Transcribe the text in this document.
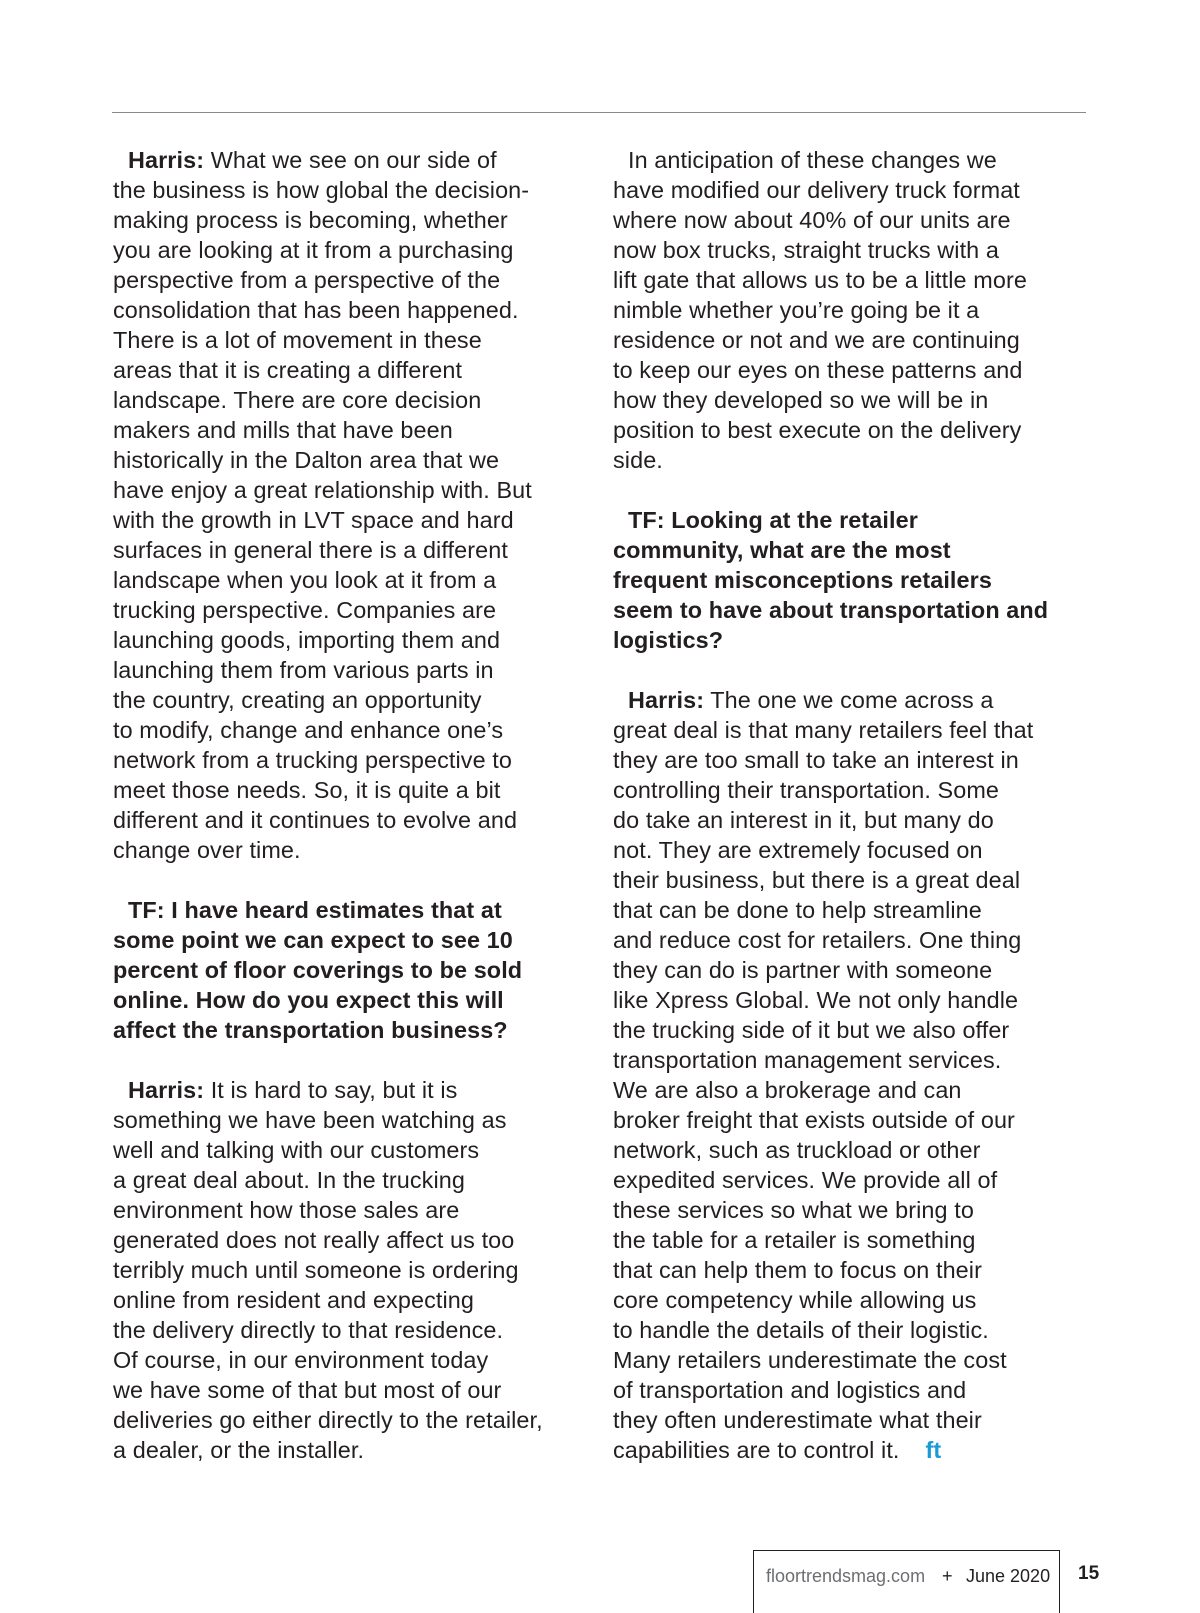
Harris: What we see on our side of
the business is how global the decision-
making process is becoming, whether
you are looking at it from a purchasing
perspective from a perspective of the
consolidation that has been happened.
There is a lot of movement in these
areas that it is creating a different
landscape. There are core decision
makers and mills that have been
historically in the Dalton area that we
have enjoy a great relationship with. But
with the growth in LVT space and hard
surfaces in general there is a different
landscape when you look at it from a
trucking perspective. Companies are
launching goods, importing them and
launching them from various parts in
the country, creating an opportunity
to modify, change and enhance one’s
network from a trucking perspective to
meet those needs. So, it is quite a bit
different and it continues to evolve and
change over time.
TF: I have heard estimates that at
some point we can expect to see 10
percent of floor coverings to be sold
online. How do you expect this will
affect the transportation business?
Harris: It is hard to say, but it is
something we have been watching as
well and talking with our customers
a great deal about. In the trucking
environment how those sales are
generated does not really affect us too
terribly much until someone is ordering
online from resident and expecting
the delivery directly to that residence.
Of course, in our environment today
we have some of that but most of our
deliveries go either directly to the retailer,
a dealer, or the installer.
In anticipation of these changes we
have modified our delivery truck format
where now about 40% of our units are
now box trucks, straight trucks with a
lift gate that allows us to be a little more
nimble whether you’re going be it a
residence or not and we are continuing
to keep our eyes on these patterns and
how they developed so we will be in
position to best execute on the delivery
side.
TF: Looking at the retailer
community, what are the most
frequent misconceptions retailers
seem to have about transportation and
logistics?
Harris: The one we come across a
great deal is that many retailers feel that
they are too small to take an interest in
controlling their transportation. Some
do take an interest in it, but many do
not. They are extremely focused on
their business, but there is a great deal
that can be done to help streamline
and reduce cost for retailers. One thing
they can do is partner with someone
like Xpress Global. We not only handle
the trucking side of it but we also offer
transportation management services.
We are also a brokerage and can
broker freight that exists outside of our
network, such as truckload or other
expedited services. We provide all of
these services so what we bring to
the table for a retailer is something
that can help them to focus on their
core competency while allowing us
to handle the details of their logistic.
Many retailers underestimate the cost
of transportation and logistics and
they often underestimate what their
capabilities are to control it. ft
floortrendsmag.com + June 2020 15
